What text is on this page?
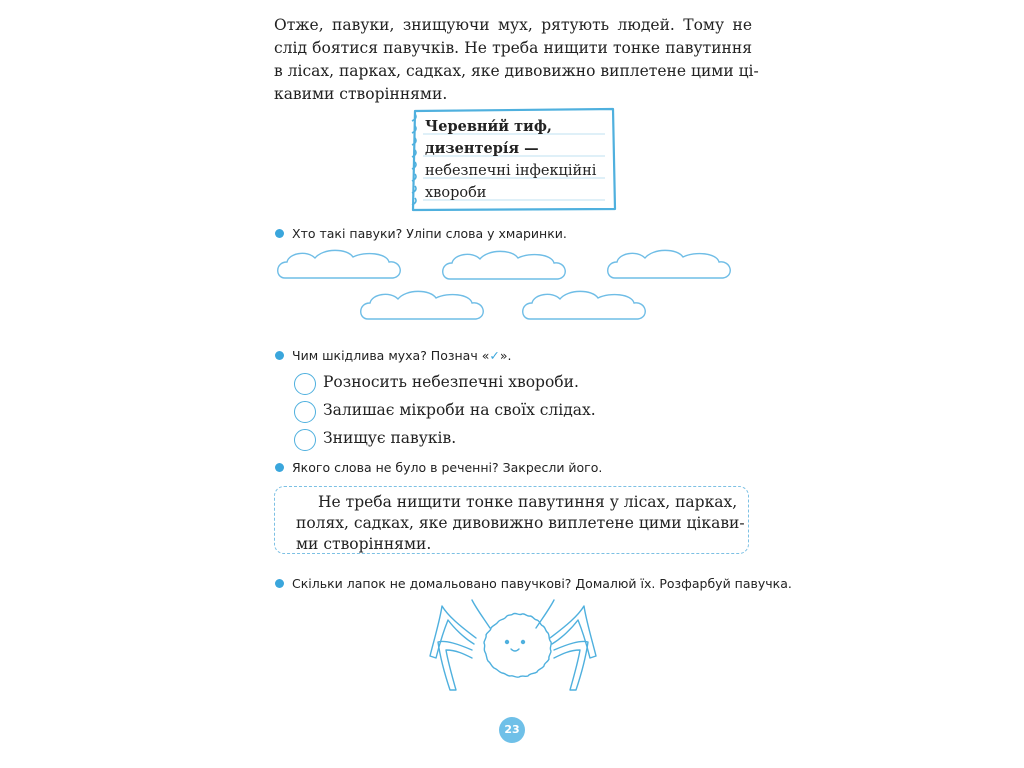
Отже, павуки, знищуючи мух, рятують людей. Тому не
слід боятися павучків. Не треба нищити тонке павутиння
в лісах, парках, садках, яке дивовижно виплетене цими ці-
кавими створіннями.
Черевни́й тиф,
дизентері́я —
небезпечні інфекційні
хвороби
Хто такі павуки? Уліпи слова у хмаринки.
Чим шкідлива муха? Познач «✓».
Розносить небезпечні хвороби.
Залишає мікроби на своїх слідах.
Знищує павуків.
Якого слова не було в реченні? Закресли його.
Не треба нищити тонке павутиння у лісах, парках,
полях, садках, яке дивовижно виплетене цими цікави-
ми створіннями.
Скільки лапок не домальовано павучкові? Домалюй їх. Розфарбуй павучка.
23
